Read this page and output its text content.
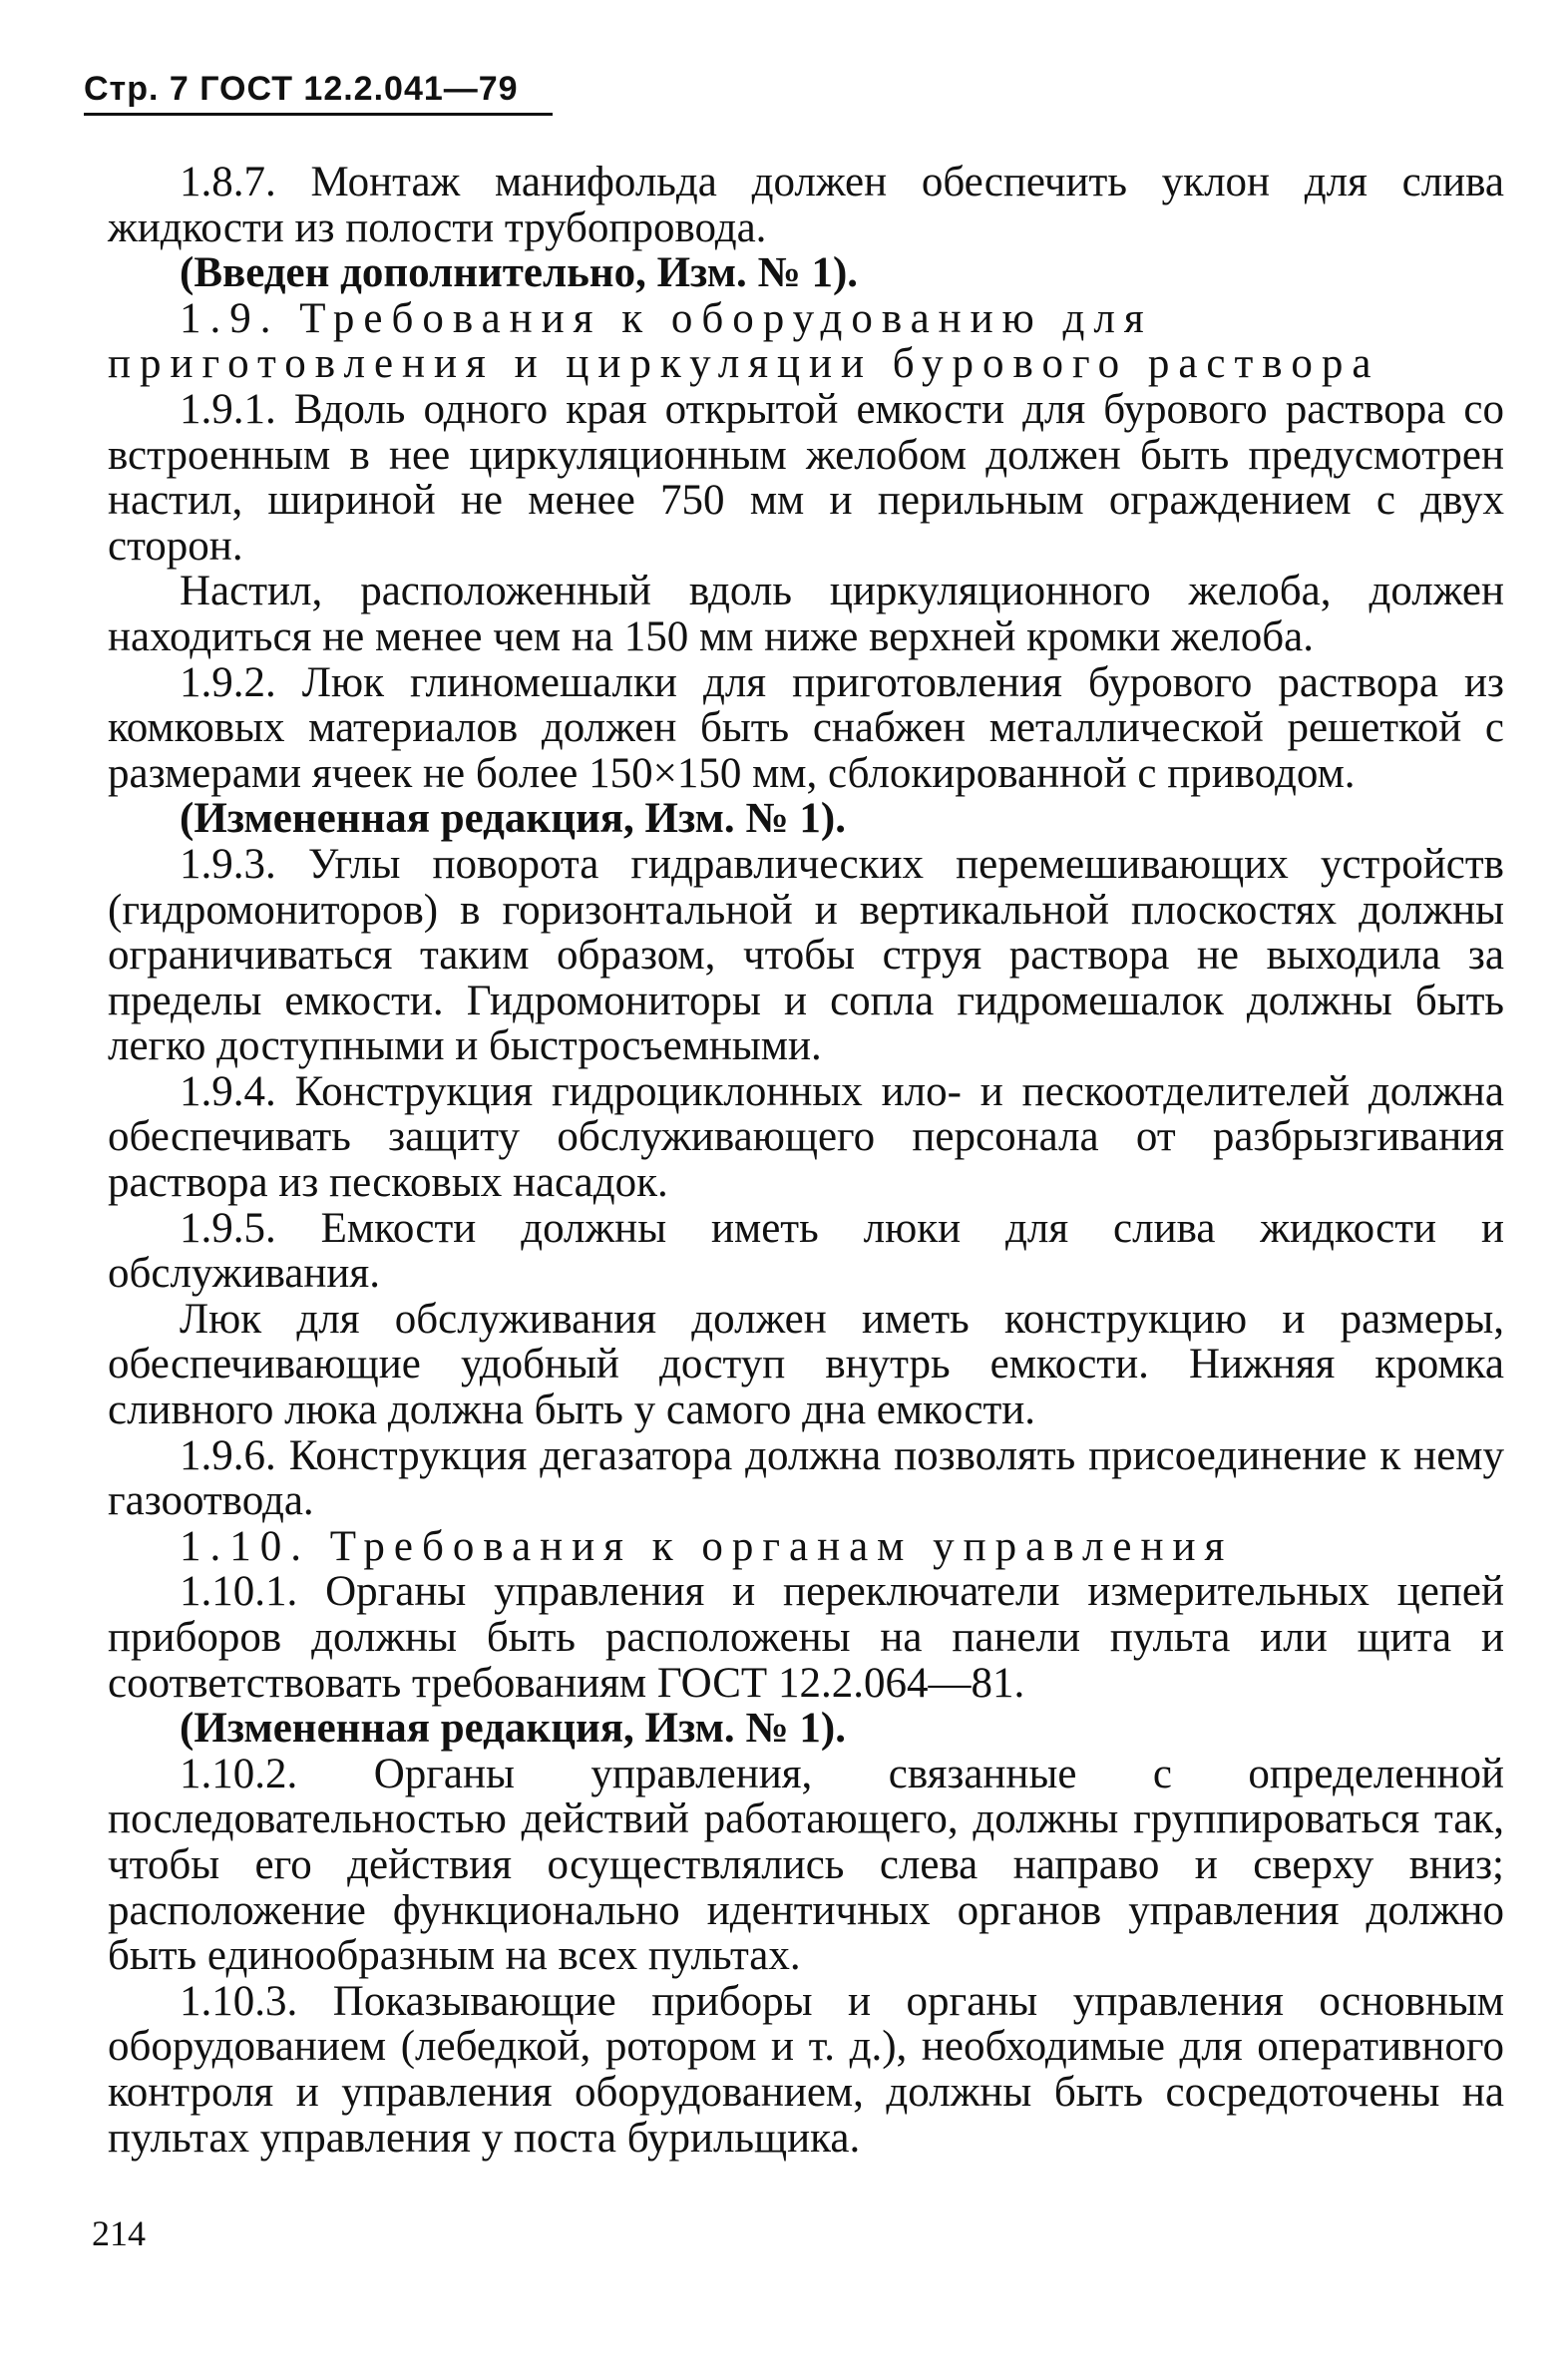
Стр. 7 ГОСТ 12.2.041—79

1.8.7. Монтаж манифольда должен обеспечить уклон для слива жидкости из полости трубопровода.

(Введен дополнительно, Изм. № 1).

1.9. Требования к оборудованию для приготовления и циркуляции бурового раствора

1.9.1. Вдоль одного края открытой емкости для бурового раствора со встроенным в нее циркуляционным желобом должен быть предусмотрен настил, шириной не менее 750 мм и перильным ограждением с двух сторон.

Настил, расположенный вдоль циркуляционного желоба, должен находиться не менее чем на 150 мм ниже верхней кромки желоба.

1.9.2. Люк глиномешалки для приготовления бурового раствора из комковых материалов должен быть снабжен металлической решеткой с размерами ячеек не более 150×150 мм, сблокированной с приводом.

(Измененная редакция, Изм. № 1).

1.9.3. Углы поворота гидравлических перемешивающих устройств (гидромониторов) в горизонтальной и вертикальной плоскостях должны ограничиваться таким образом, чтобы струя раствора не выходила за пределы емкости. Гидромониторы и сопла гидромешалок должны быть легко доступными и быстросъемными.

1.9.4. Конструкция гидроциклонных ило- и пескоотделителей должна обеспечивать защиту обслуживающего персонала от разбрызгивания раствора из песковых насадок.

1.9.5. Емкости должны иметь люки для слива жидкости и обслуживания.

Люк для обслуживания должен иметь конструкцию и размеры, обеспечивающие удобный доступ внутрь емкости. Нижняя кромка сливного люка должна быть у самого дна емкости.

1.9.6. Конструкция дегазатора должна позволять присоединение к нему газоотвода.

1.10. Требования к органам управления

1.10.1. Органы управления и переключатели измерительных цепей приборов должны быть расположены на панели пульта или щита и соответствовать требованиям ГОСТ 12.2.064—81.

(Измененная редакция, Изм. № 1).

1.10.2. Органы управления, связанные с определенной последовательностью действий работающего, должны группироваться так, чтобы его действия осуществлялись слева направо и сверху вниз; расположение функционально идентичных органов управления должно быть единообразным на всех пультах.

1.10.3. Показывающие приборы и органы управления основным оборудованием (лебедкой, ротором и т. д.), необходимые для оперативного контроля и управления оборудованием, должны быть сосредоточены на пультах управления у поста бурильщика.

214
